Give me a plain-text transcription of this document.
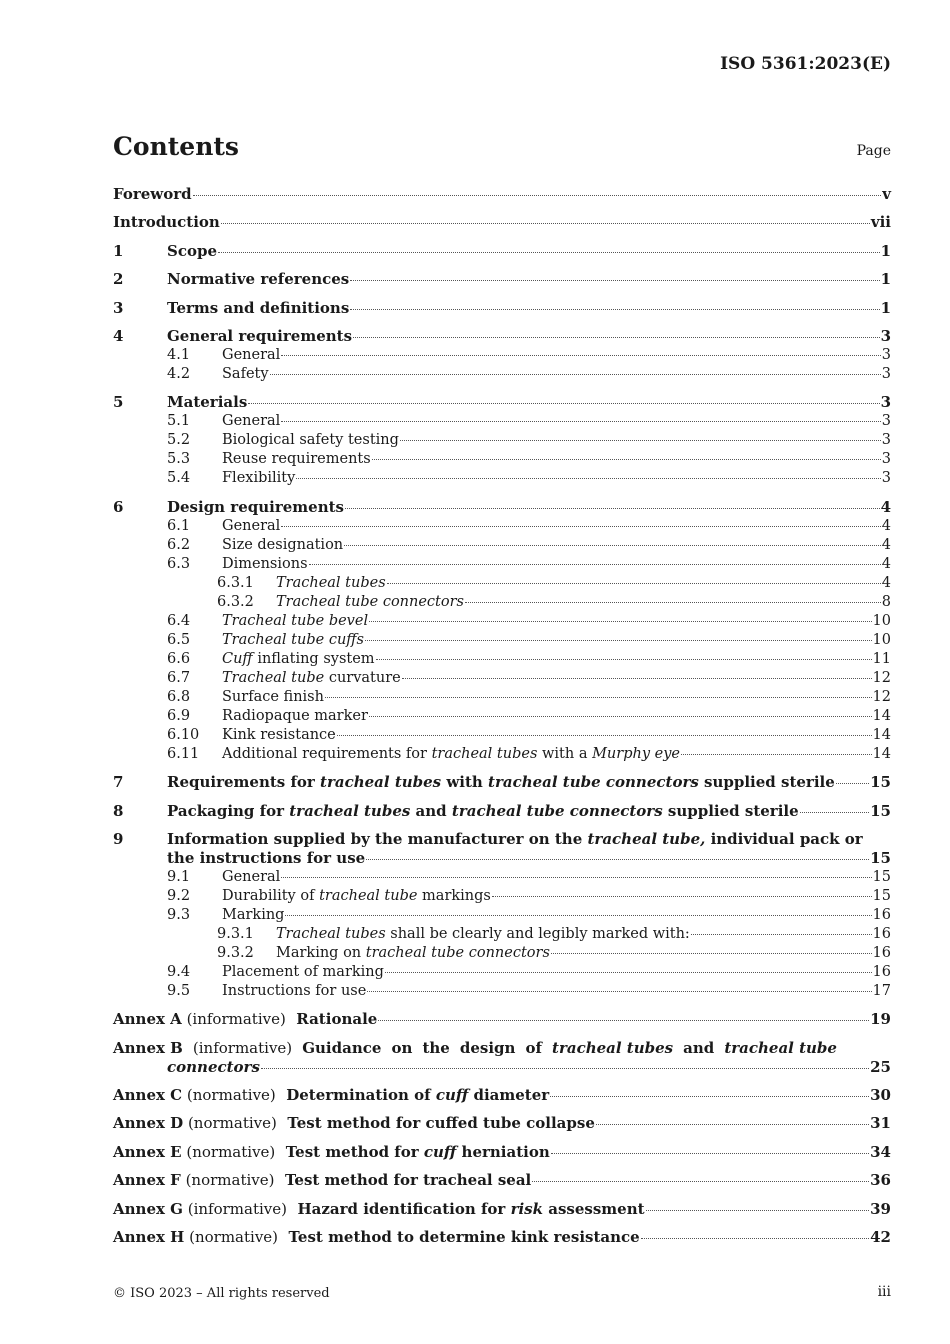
ISO 5361:2023(E)
Contents	Page
Foreword	v
Introduction	vii
1	Scope	1
2	Normative references	1
3	Terms and definitions	1
4	General requirements	3
4.1	General	3
4.2	Safety	3
5	Materials	3
5.1	General	3
5.2	Biological safety testing	3
5.3	Reuse requirements	3
5.4	Flexibility	3
6	Design requirements	4
6.1	General	4
6.2	Size designation	4
6.3	Dimensions	4
6.3.1	Tracheal tubes	4
6.3.2	Tracheal tube connectors	8
6.4	Tracheal tube bevel	10
6.5	Tracheal tube cuffs	10
6.6	Cuff inflating system	11
6.7	Tracheal tube curvature	12
6.8	Surface finish	12
6.9	Radiopaque marker	14
6.10	Kink resistance	14
6.11	Additional requirements for tracheal tubes with a Murphy eye	14
7	Requirements for tracheal tubes with tracheal tube connectors supplied sterile 15
8	Packaging for tracheal tubes and tracheal tube connectors supplied sterile	15
9	Information supplied by the manufacturer on the tracheal tube, individual pack or
the instructions for use	15
9.1	General	15
9.2	Durability of tracheal tube markings	15
9.3	Marking	16
9.3.1	Tracheal tubes shall be clearly and legibly marked with:	16
9.3.2	Marking on tracheal tube connectors	16
9.4	Placement of marking	16
9.5	Instructions for use	17
Annex A (informative) Rationale	19
Annex B (informative) Guidance on the design of tracheal tubes and tracheal tube
connectors	25
Annex C (normative) Determination of cuff diameter	30
Annex D (normative) Test method for cuffed tube collapse	31
Annex E (normative) Test method for cuff herniation	34
Annex F (normative) Test method for tracheal seal	36
Annex G (informative) Hazard identification for risk assessment	39
Annex H (normative) Test method to determine kink resistance	42
© ISO 2023 – All rights reserved	iii
